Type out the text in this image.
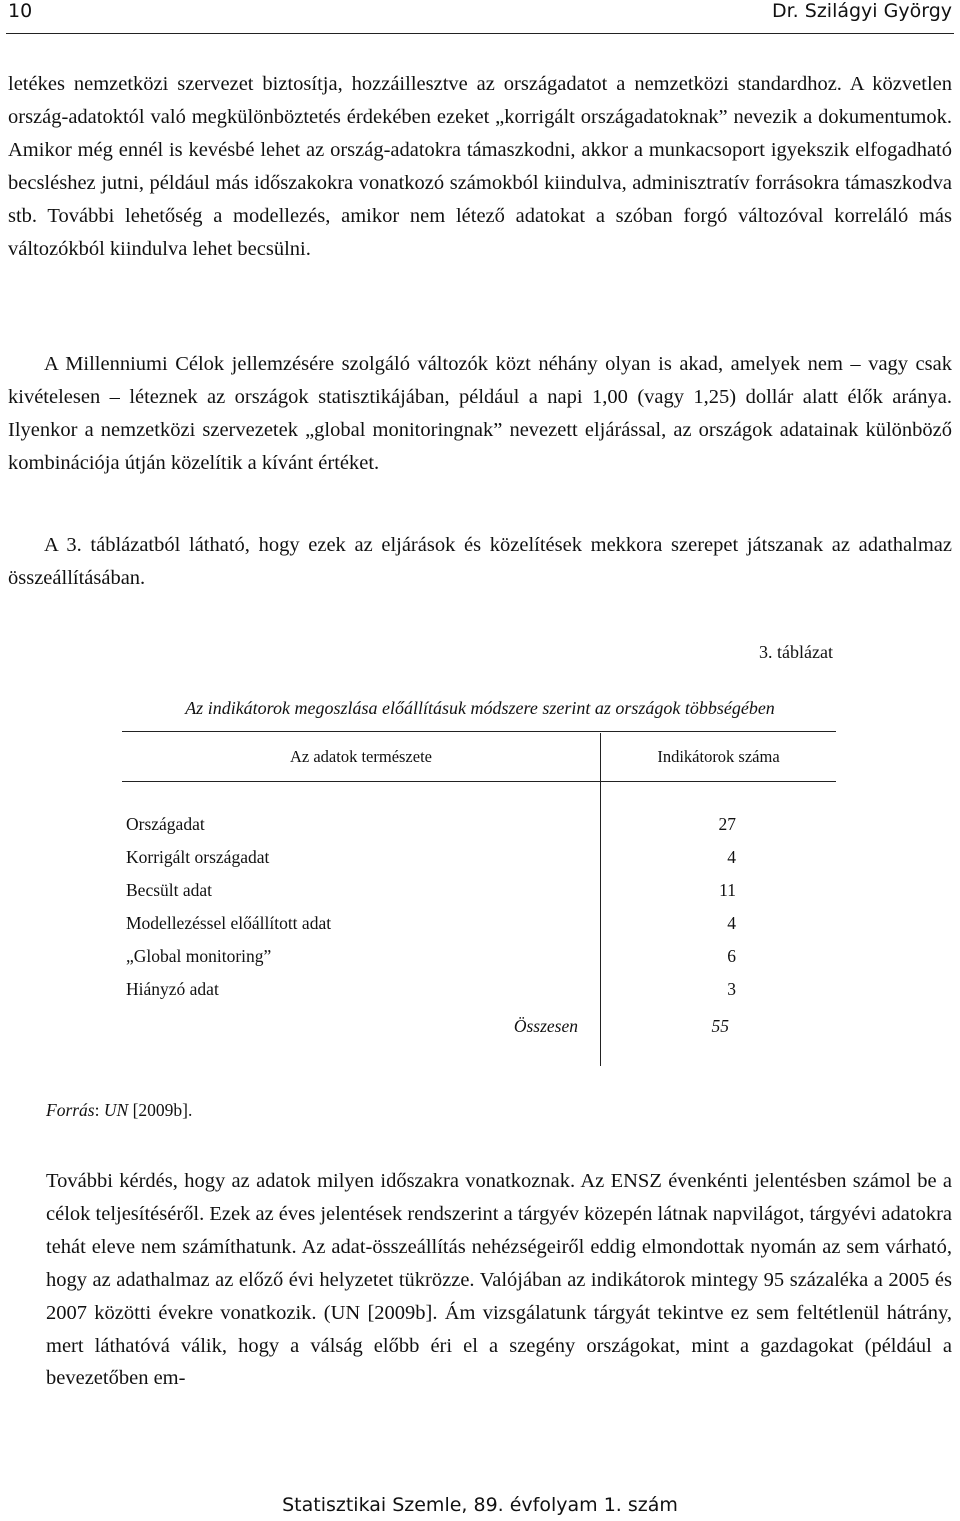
10	Dr. Szilágyi György

letékes nemzetközi szervezet biztosítja, hozzáillesztve az országadatot a nemzetközi standardhoz. A közvetlen ország-adatoktól való megkülönböztetés érdekében ezeket „korrigált országadatoknak” nevezik a dokumentumok. Amikor még ennél is kevésbé lehet az ország-adatokra támaszkodni, akkor a munkacsoport igyekszik elfogadható becsléshez jutni, például más időszakokra vonatkozó számokból kiindulva, adminisztratív forrásokra támaszkodva stb. További lehetőség a modellezés, amikor nem létező adatokat a szóban forgó változóval korreláló más változókból kiindulva lehet becsülni.

A Millenniumi Célok jellemzésére szolgáló változók közt néhány olyan is akad, amelyek nem – vagy csak kivételesen – léteznek az országok statisztikájában, például a napi 1,00 (vagy 1,25) dollár alatt élők aránya. Ilyenkor a nemzetközi szervezetek „global monitoringnak” nevezett eljárással, az országok adatainak különböző kombinációja útján közelítik a kívánt értéket.

A 3. táblázatból látható, hogy ezek az eljárások és közelítések mekkora szerepet játszanak az adathalmaz összeállításában.

3. táblázat
Az indikátorok megoszlása előállításuk módszere szerint az országok többségében
Az adatok természete	Indikátorok száma
Országadat	27
Korrigált országadat	4
Becsült adat	11
Modellezéssel előállított adat	4
„Global monitoring”	6
Hiányzó adat	3
Összesen	55
Forrás: UN [2009b].

További kérdés, hogy az adatok milyen időszakra vonatkoznak. Az ENSZ évenkénti jelentésben számol be a célok teljesítéséről. Ezek az éves jelentések rendszerint a tárgyév közepén látnak napvilágot, tárgyévi adatokra tehát eleve nem számíthatunk. Az adat-összeállítás nehézségeiről eddig elmondottak nyomán az sem várható, hogy az adathalmaz az előző évi helyzetet tükrözze. Valójában az indikátorok mintegy 95 százaléka a 2005 és 2007 közötti évekre vonatkozik. (UN [2009b]. Ám vizsgálatunk tárgyát tekintve ez sem feltétlenül hátrány, mert láthatóvá válik, hogy a válság előbb éri el a szegény országokat, mint a gazdagokat (például a bevezetőben em-

Statisztikai Szemle, 89. évfolyam 1. szám
